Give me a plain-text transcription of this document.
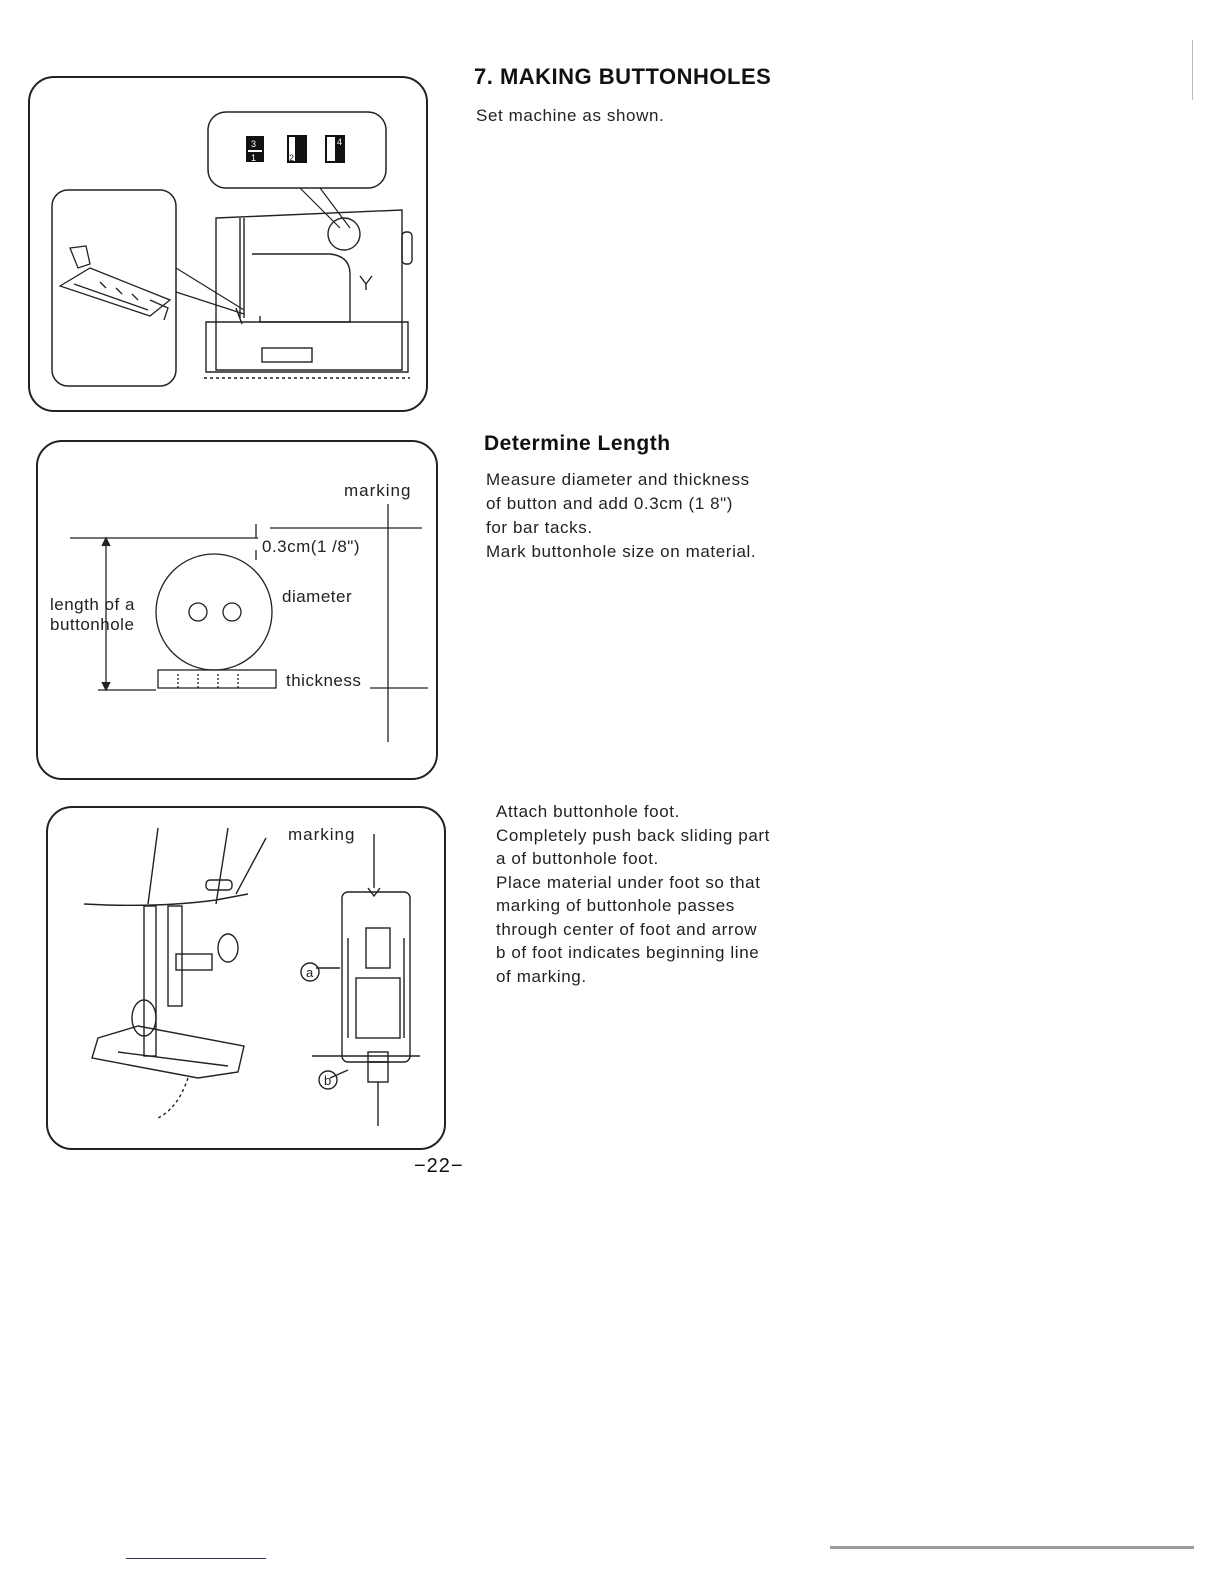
3
1	2
4
7. MAKING BUTTONHOLES
Set machine as shown.
Determine Length
Measure diameter and thickness
of button and add 0.3cm (1 8")
for bar tacks.
Mark buttonhole size on material.
Attach buttonhole foot.
Completely push back sliding part
a of buttonhole foot.
Place material under foot so that
marking of buttonhole passes
through center of foot and arrow
b of foot indicates beginning line
of marking.
marking
0.3cm(1 /8")
diameter
length of a
buttonhole
thickness
marking
a
b
−22−
